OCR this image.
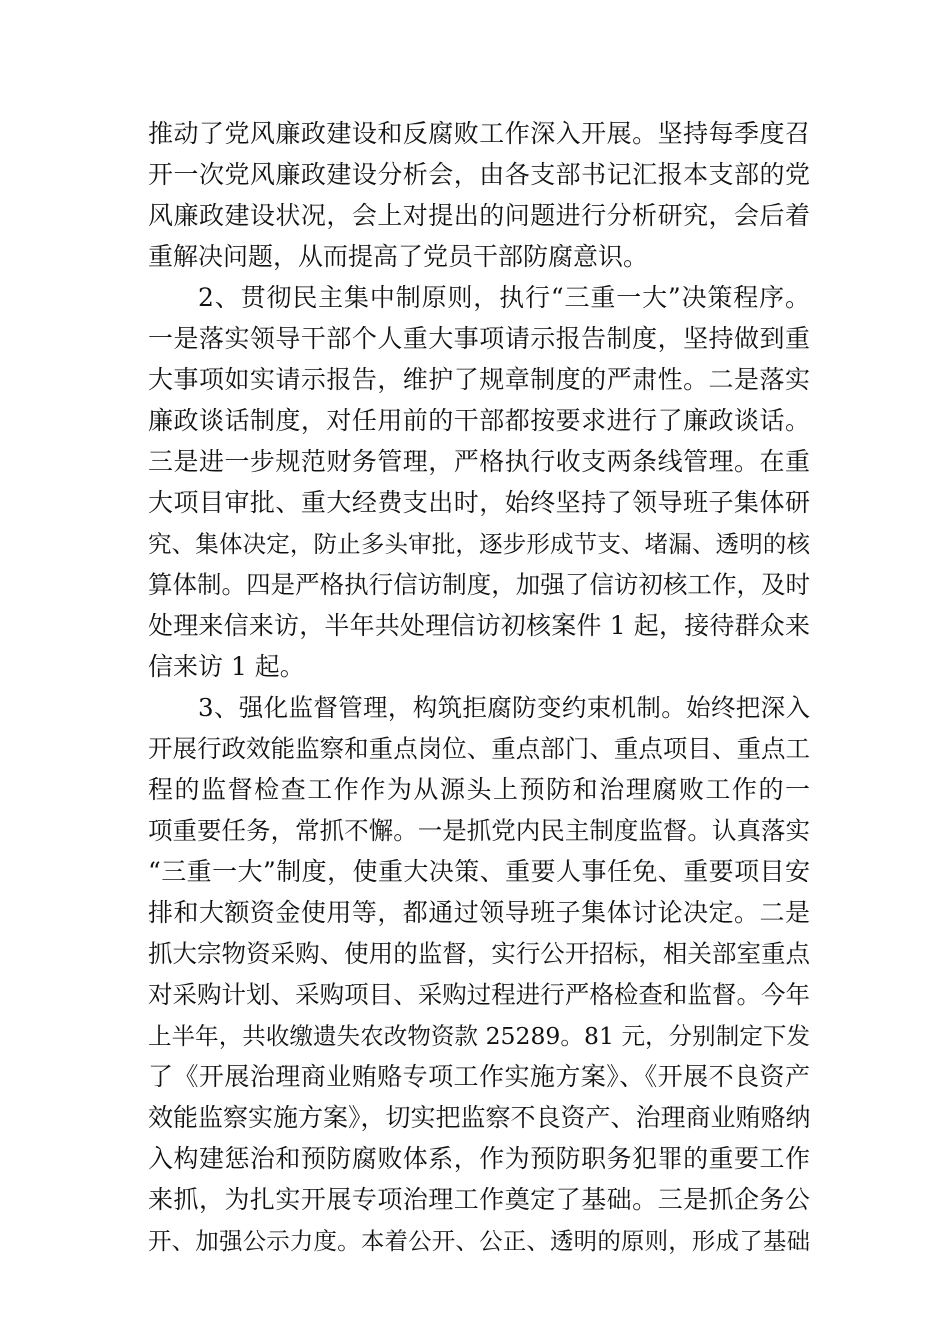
推动了党风廉政建设和反腐败工作深入开展。坚持每季度召
开一次党风廉政建设分析会，由各支部书记汇报本支部的党
风廉政建设状况，会上对提出的问题进行分析研究，会后着
重解决问题，从而提高了党员干部防腐意识。
2、贯彻民主集中制原则，执行“三重一大”决策程序。
一是落实领导干部个人重大事项请示报告制度，坚持做到重
大事项如实请示报告，维护了规章制度的严肃性。二是落实
廉政谈话制度，对任用前的干部都按要求进行了廉政谈话。
三是进一步规范财务管理，严格执行收支两条线管理。在重
大项目审批、重大经费支出时，始终坚持了领导班子集体研
究、集体决定，防止多头审批，逐步形成节支、堵漏、透明的核
算体制。四是严格执行信访制度，加强了信访初核工作，及时
处理来信来访，半年共处理信访初核案件 1 起，接待群众来
信来访 1 起。
3、强化监督管理，构筑拒腐防变约束机制。始终把深入
开展行政效能监察和重点岗位、重点部门、重点项目、重点工
程的监督检查工作作为从源头上预防和治理腐败工作的一
项重要任务，常抓不懈。一是抓党内民主制度监督。认真落实
“三重一大”制度，使重大决策、重要人事任免、重要项目安
排和大额资金使用等，都通过领导班子集体讨论决定。二是
抓大宗物资采购、使用的监督，实行公开招标，相关部室重点
对采购计划、采购项目、采购过程进行严格检查和监督。今年
上半年，共收缴遗失农改物资款 25289。81 元，分别制定下发
了《开展治理商业贿赂专项工作实施方案》、《开展不良资产
效能监察实施方案》，切实把监察不良资产、治理商业贿赂纳
入构建惩治和预防腐败体系，作为预防职务犯罪的重要工作
来抓，为扎实开展专项治理工作奠定了基础。三是抓企务公
开、加强公示力度。本着公开、公正、透明的原则，形成了基础
